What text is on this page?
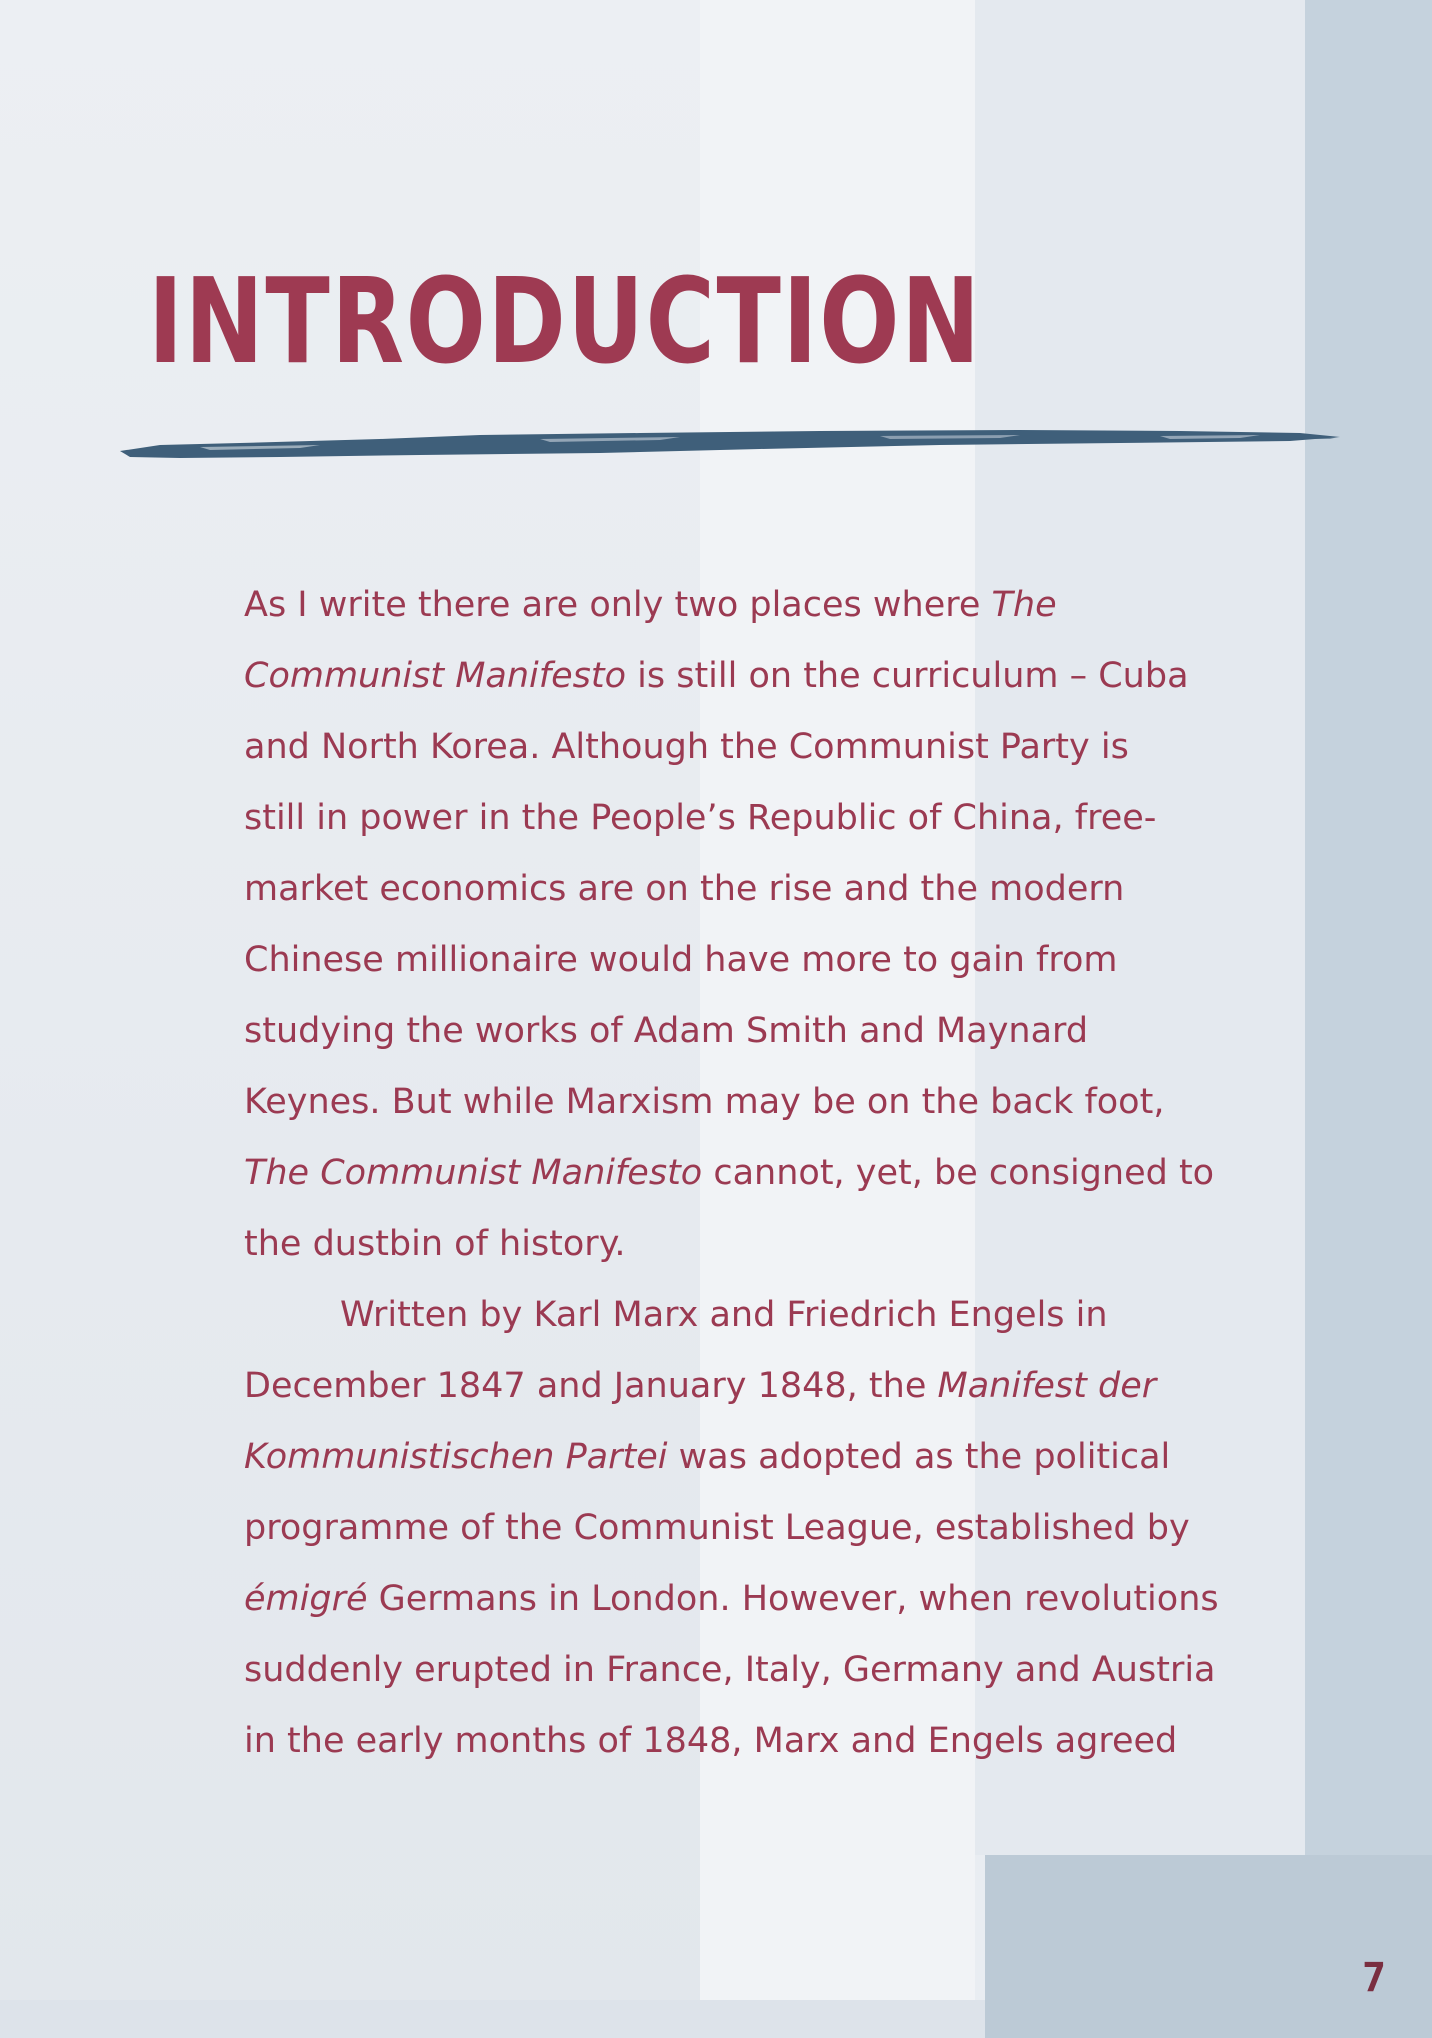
INTRODUCTION
As I write there are only two places where The
Communist Manifesto is still on the curriculum – Cuba
and North Korea. Although the Communist Party is
still in power in the People’s Republic of China, free-
market economics are on the rise and the modern
Chinese millionaire would have more to gain from
studying the works of Adam Smith and Maynard
Keynes. But while Marxism may be on the back foot,
The Communist Manifesto cannot, yet, be consigned to
the dustbin of history.
Written by Karl Marx and Friedrich Engels in
December 1847 and January 1848, the Manifest der
Kommunistischen Partei was adopted as the political
programme of the Communist League, established by
émigré Germans in London. However, when revolutions
suddenly erupted in France, Italy, Germany and Austria
in the early months of 1848, Marx and Engels agreed
7
